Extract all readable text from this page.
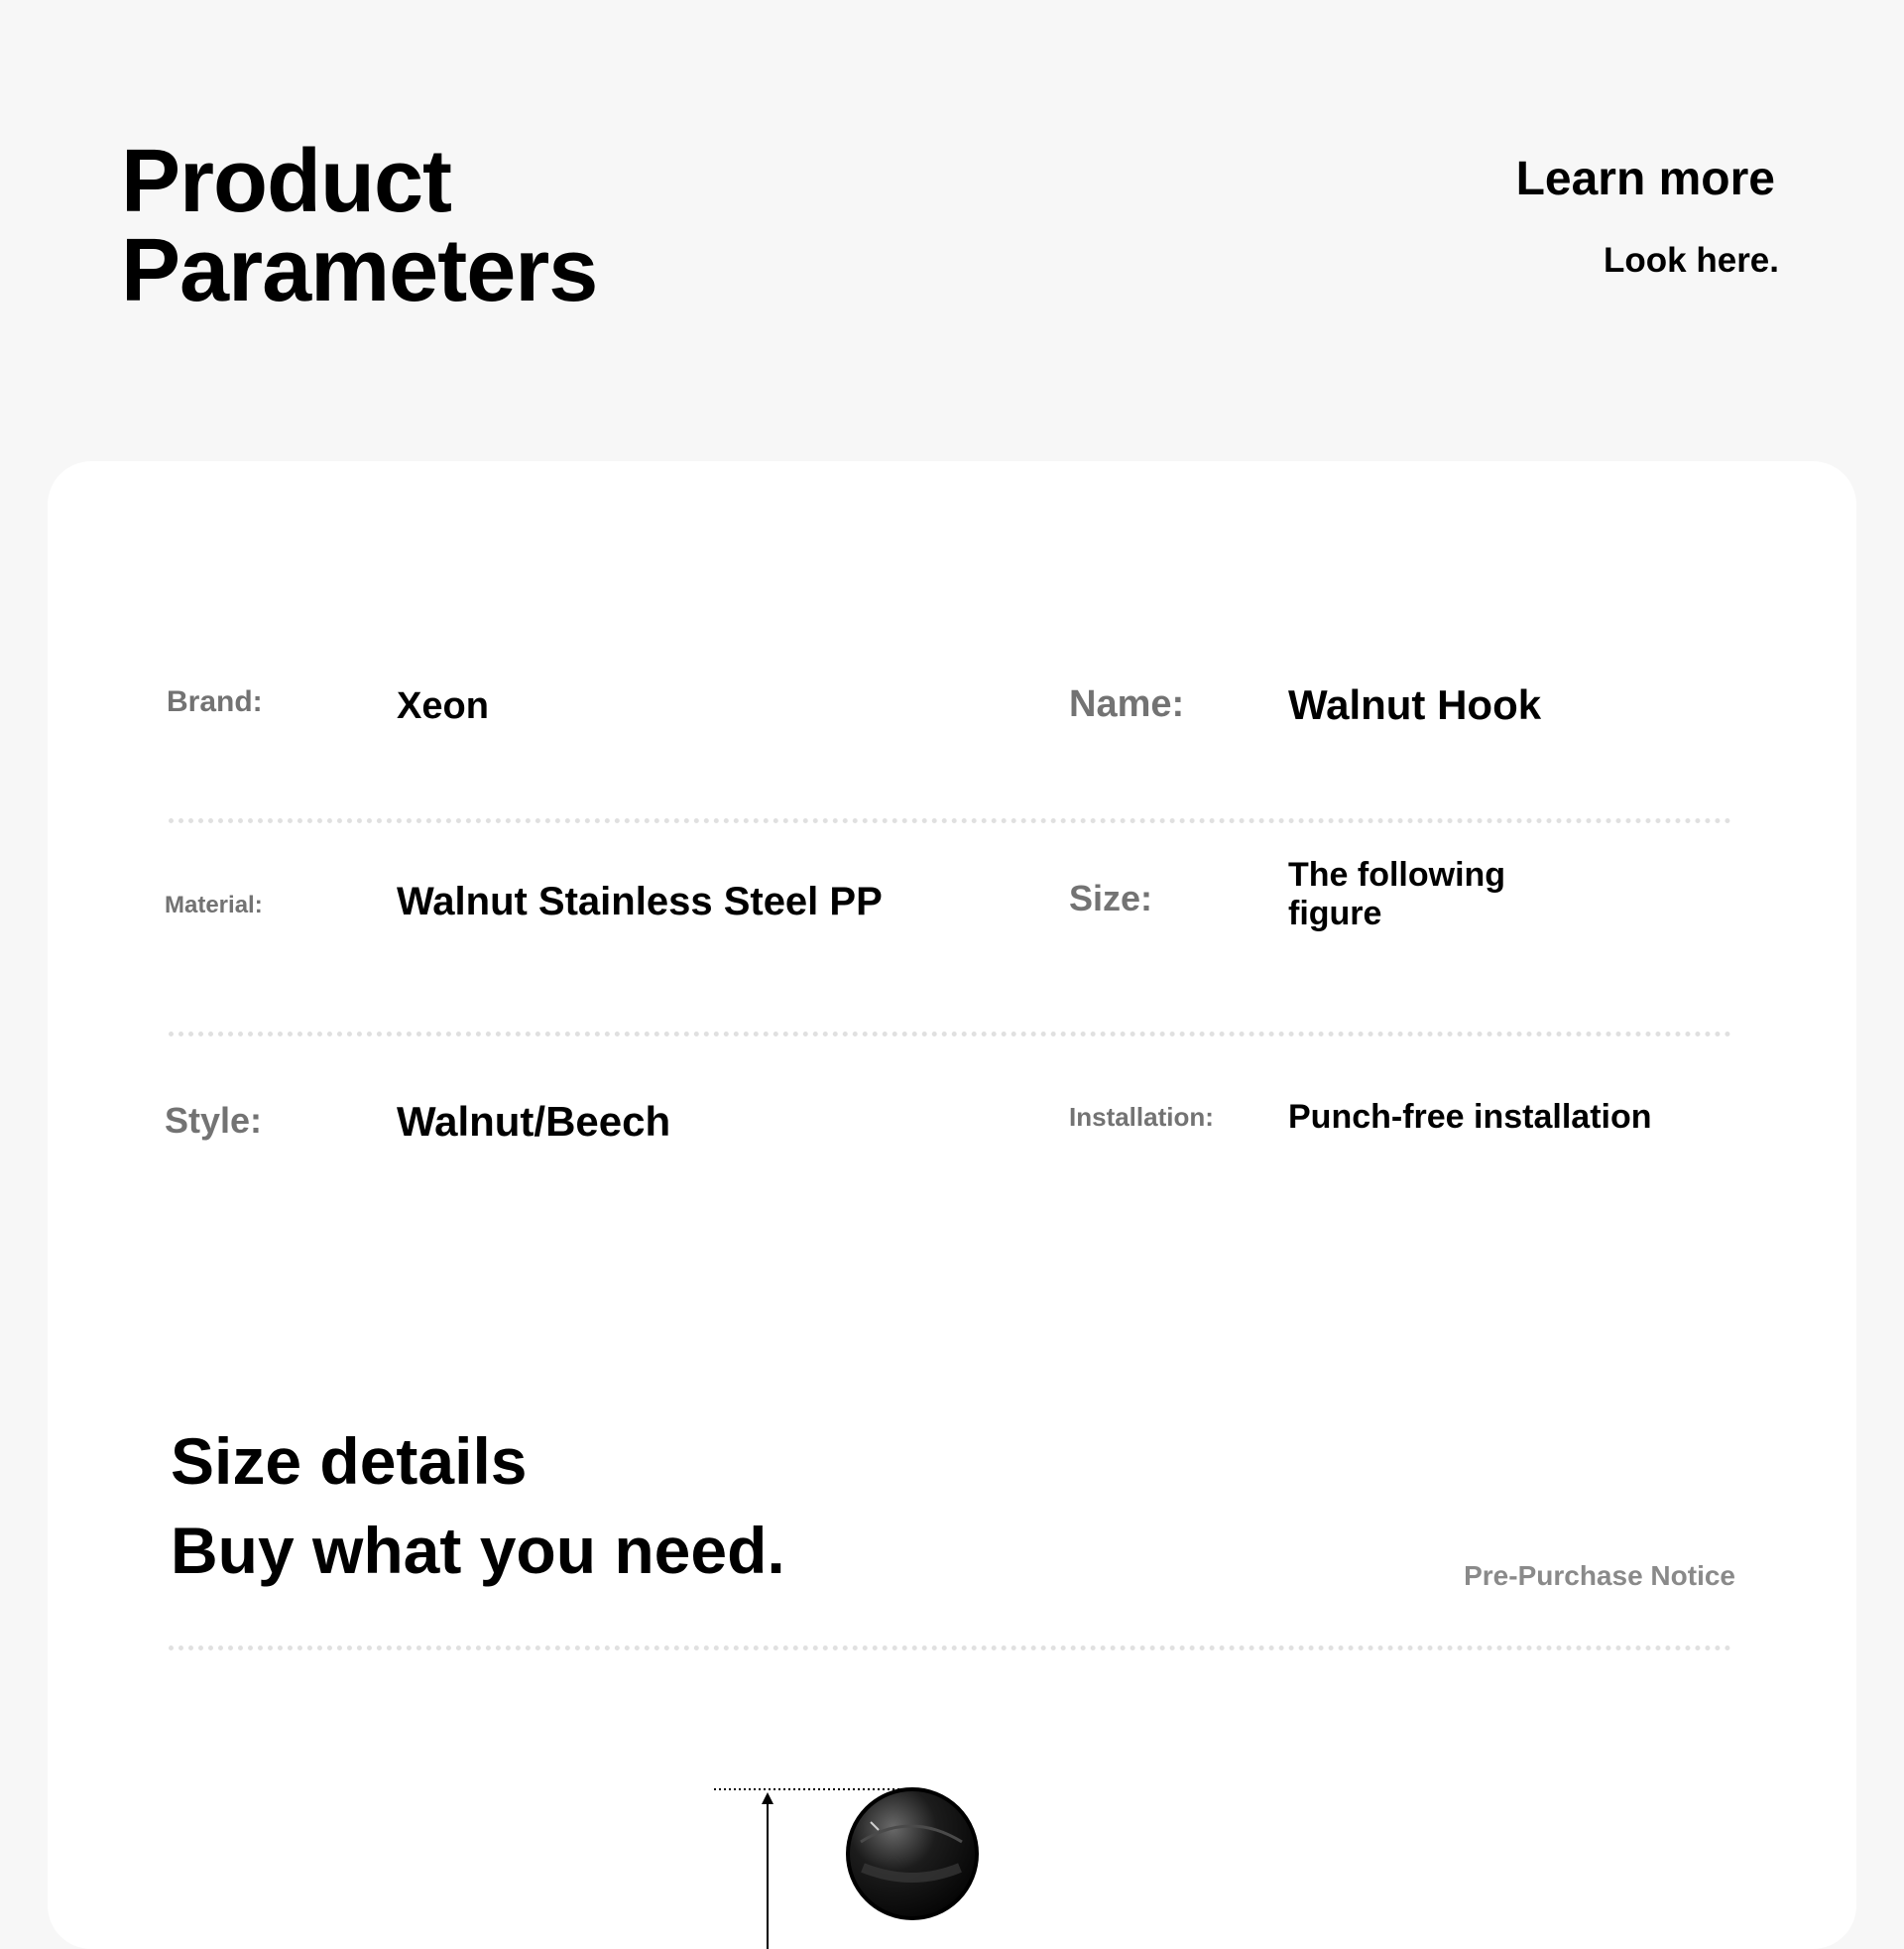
Product
Parameters
Learn more
Look here.
Brand:	Xeon	Name: Walnut Hook
Material:	Walnut Stainless Steel PP	Size:
The following
figure
Style:	Walnut/Beech	Installation: Punch-free installation
Size details
Buy what you need.	Pre-Purchase Notice
